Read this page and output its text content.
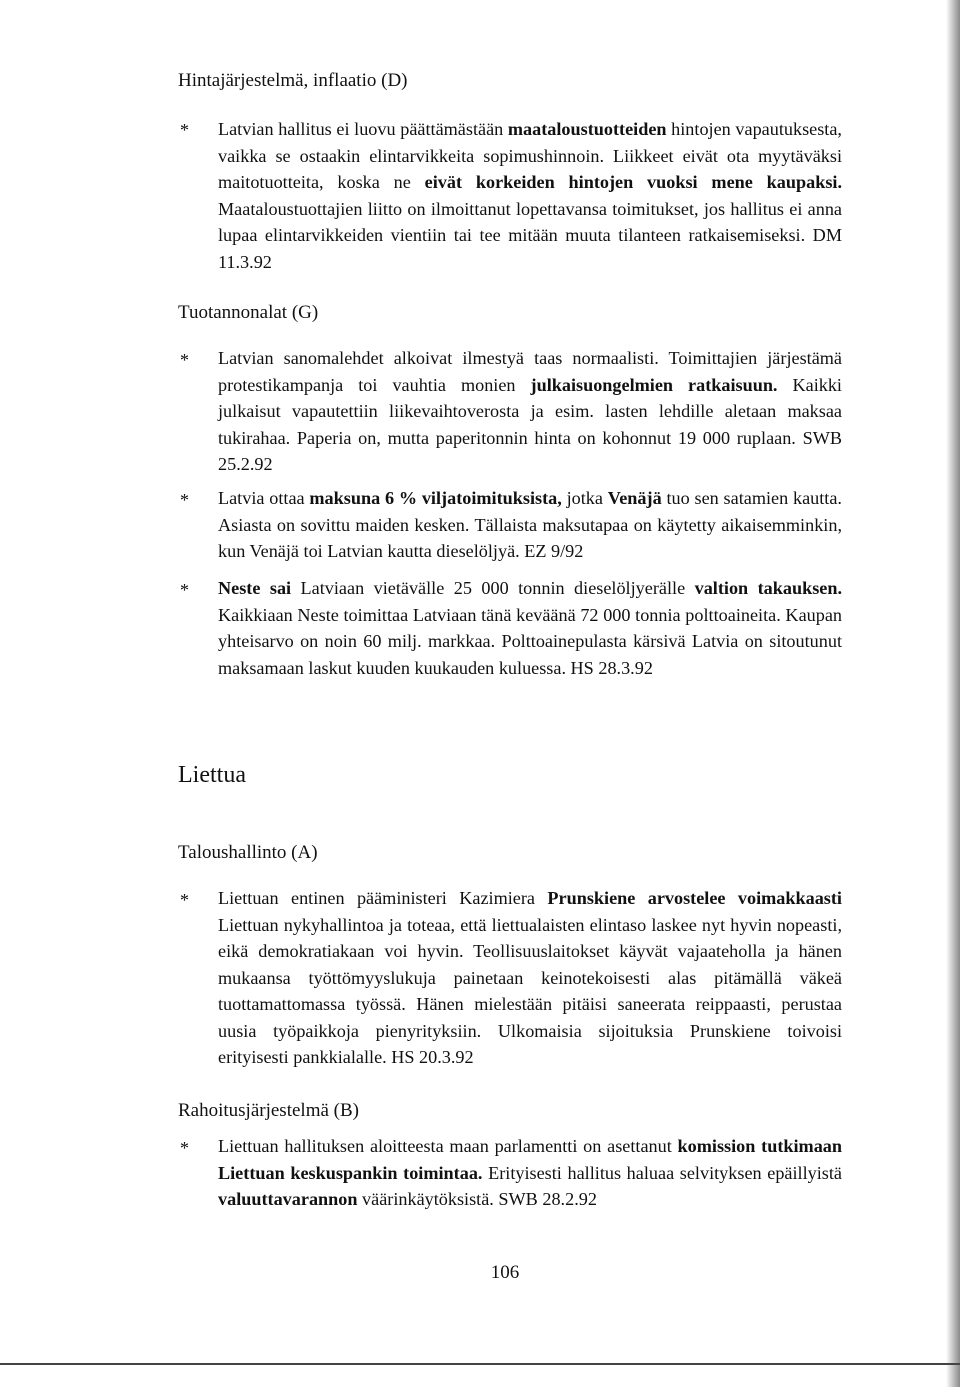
Hintajärjestelmä, inflaatio (D)
* Latvian hallitus ei luovu päättämästään maataloustuotteiden hintojen vapautuksesta, vaikka se ostaakin elintarvikkeita sopimushinnoin. Liikkeet eivät ota myytäväksi maitotuotteita, koska ne eivät korkeiden hintojen vuoksi mene kaupaksi. Maataloustuottajien liitto on ilmoittanut lopettavansa toimitukset, jos hallitus ei anna lupaa elintarvikkeiden vientiin tai tee mitään muuta tilanteen ratkaisemiseksi. DM 11.3.92

Tuotannonalat (G)
* Latvian sanomalehdet alkoivat ilmestyä taas normaalisti. Toimittajien järjestämä protestikampanja toi vauhtia monien julkaisuongelmien ratkaisuun. Kaikki julkaisut vapautettiin liikevaihtoverosta ja esim. lasten lehdille aletaan maksaa tukirahaa. Paperia on, mutta paperitonnin hinta on kohonnut 19 000 ruplaan. SWB 25.2.92

* Latvia ottaa maksuna 6 % viljatoimituksista, jotka Venäjä tuo sen satamien kautta. Asiasta on sovittu maiden kesken. Tällaista maksutapaa on käytetty aikaisemminkin, kun Venäjä toi Latvian kautta dieselöljyä. EZ 9/92

* Neste sai Latviaan vietävälle 25 000 tonnin dieselöljyerälle valtion takauksen. Kaikkiaan Neste toimittaa Latviaan tänä keväänä 72 000 tonnia polttoaineita. Kaupan yhteisarvo on noin 60 milj. markkaa. Polttoainepulasta kärsivä Latvia on sitoutunut maksamaan laskut kuuden kuukauden kuluessa. HS 28.3.92

Liettua
Taloushallinto (A)
* Liettuan entinen pääministeri Kazimiera Prunskiene arvostelee voimakkaasti Liettuan nykyhallintoa ja toteaa, että liettualaisten elintaso laskee nyt hyvin nopeasti, eikä demokratiakaan voi hyvin. Teollisuuslaitokset käyvät vajaateholla ja hänen mukaansa työttömyyslukuja painetaan keinotekoisesti alas pitämällä väkeä tuottamattomassa työssä. Hänen mielestään pitäisi saneerata reippaasti, perustaa uusia työpaikkoja pienyrityksiin. Ulkomaisia sijoituksia Prunskiene toivoisi erityisesti pankkialalle. HS 20.3.92

Rahoitusjärjestelmä (B)
* Liettuan hallituksen aloitteesta maan parlamentti on asettanut komission tutkimaan Liettuan keskuspankin toimintaa. Erityisesti hallitus haluaa selvityksen epäillyistä valuuttavarannon väärinkäytöksistä. SWB 28.2.92

106
